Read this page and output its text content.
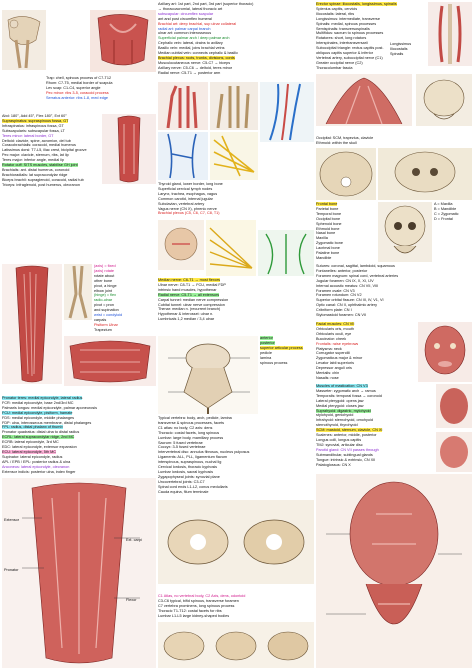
Trap: chell, spinous process of C7-T12
Rhom: C7-T5, medial border of scapula
Lev scap: C1-C4, superior angle
Pec minor: ribs 3-5, coracoid process
Serratus anterior: ribs 1-8, med edge
Abd: 180°, Add 45°, Flex 180°, Ext 60°
Supraspinatus: supraspinous fossa, GT
Infraspinatus: infraspinous fossa, GT
Subscapularis: subscapular fossa, LT
Teres minor: lateral border, GT
Deltoid: clavicle, spine, acromion, del tub
Coracobrachialis: coracoid, medial humerus
Latissimus dorsi: T7-L5, iliac crest, bicipital groove
Pec major: clavicle, sternum, ribs, lat lip
Teres major: inferior angle, medial lip
Rotator cuff: SITS muscles, stabilise GH joint
Brachialis: ant. distal humerus, coronoid
Brachioradialis: lat supracondylar ridge
Biceps brachii: supraglenoid, coracoid, radial tub
Triceps: infraglenoid, post humerus, olecranon
(axis) = fixed
(axis) rotate
rotate about
other bone
pivot, a hinge
elbow joint
(hinge) = flex
radio-ulnar
pivot = pron
and supination
wrist = condyloid
carpals
Pisiform Ulnar
Trapezium
Pronator teres: medial epicondyle, lateral radius
FCR: medial epicondyle, base 2nd/3rd MC
Palmaris longus: medial epicondyle, palmar aponeurosis
FCU: medial epicondyle, pisiform, hamate
FDS: medial epicondyle, middle phalanges
FDP: ulna, interosseous membrane, distal phalanges
FPL: radius, distal phalanx of thumb
Pronator quadratus: distal ulna to distal radius
ECRL: lateral supracondylar ridge, 2nd MC
ECRB: lateral epicondyle, 3rd MC
EDC: lateral epicondyle, extensor expansion
ECU: lateral epicondyle, 5th MC
Supinator: lateral epicondyle, radius
APL / EPB / EPL: posterior radius & ulna
Anconeus: lateral epicondyle, olecranon
Extensor indicis: posterior ulna, index finger
Extensor
Pronator
Ext. carpi
Flexor
Axillary art: 1st part, 2nd part, 3rd part (superior thoracic)
→ thoracoacromial, lateral thoracic art
subscapular: circumflex scapular
ant and post circumflex humeral
Brachial art: deep brachial, sup ulnar collateral
radial art: palmar carpal branch
ulnar art: common interosseous
Superficial palmar arch / deep palmar arch
Cephalic vein: lateral, drains to axillary
Basilic vein: medial, joins brachial veins
Median cubital vein: connects cephalic & basilic
Brachial plexus: roots, trunks, divisions, cords
Musculocutaneous nerve: C5-C7 → biceps
Axillary nerve: C5-C6 → deltoid, teres minor
Radial nerve: C5-T1 → posterior arm
Thyroid gland, lower border, long bone
Superficial cervical lymph nodes
Larynx, trachea, esophagus, vagus
Common carotid, internal jugular
Subclavian, vertebral artery
Vagus nerve (CN X), phrenic nerve
Brachial plexus (C5, C6, C7, C8, T1)
Median nerve: C6-T1 → most flexors
Ulnar nerve: C8-T1 → FCU, medial FDP
intrinsic hand muscles, hypothenar
Radial nerve: C5-T1 → all extensors
Carpal tunnel: median nerve compression
Cubital tunnel: ulnar nerve compression
Thenar: median n. (recurrent branch)
Hypothenar & interossei: ulnar n.
Lumbricals 1,2 median / 3,4 ulnar
anterior
posterior
superior articular process
pedicle
lamina
spinous process
Typical vertebra: body, arch, pedicle, lamina
transverse & spinous processes, facets
C1 atlas: no body, C2 axis: dens
Thoracic: costal facets, long spinous
Lumbar: large body, mamillary process
Sacrum: 5 fused vertebrae
Coccyx: 3-5 fused vertebrae
Intervertebral disc: annulus fibrosus, nucleus pulposus
Ligaments: ALL, PLL, ligamentum flavum
interspinous, supraspinous, nuchal lig
Cervical lordosis, thoracic kyphosis
Lumbar lordosis, sacral kyphosis
Zygapophyseal joints: synovial plane
Uncovertebral joints: C3-C7
Spinal cord ends L1-L2, conus medullaris
Cauda equina, filum terminale
C1 Atlas, no vertebral body, C2 Axis, dens, odontoid
C3-C6 typical, bifid spinous, transverse foramen
C7 vertebra prominens, long spinous process
Thoracic T1-T12: costal facets for ribs
Lumbar L1-L5 large kidney-shaped bodies
Erector spinae: iliocostalis, longissimus, spinalis
Splenius capitis, cervicis
Iliocostalis: lateral, ribs
Longissimus: intermediate, transverse
Spinalis: medial, spinous processes
Semispinalis: transversospinalis
Multifidus: sacrum to spinous processes
Rotatores: short, long rotators
Interspinales, intertransversarii
Suboccipital triangle: rectus capitis post.
obliquus capitis superior & inferior
Vertebral artery, suboccipital nerve (C1)
Greater occipital nerve (C2)
Thoracolumbar fascia
Longissimus
Iliocostalis
Spinalis
Occipital: SCM, trapezius, clavicle
Ethmoid: within the skull
Frontal bone
Parietal bone
Temporal bone
Occipital bone
Sphenoid bone
Ethmoid bone
Nasal bone
Maxilla
Zygomatic bone
Lacrimal bone
Palatine bone
Mandible
A = Maxilla
B = Mandible
C = Zygomatic
D = Frontal
Sutures: coronal, sagittal, lambdoid, squamous
Fontanelles: anterior, posterior
Foramen magnum: spinal cord, vertebral arteries
Jugular foramen: CN IX, X, XI, IJV
Internal acoustic meatus: CN VII, VIII
Foramen ovale: CN V3
Foramen rotundum: CN V2
Superior orbital fissure: CN III, IV, V1, VI
Optic canal: CN II, ophthalmic artery
Cribriform plate: CN I
Stylomastoid foramen: CN VII
Facial muscles: CN VII
Orbicularis oris, mouth
Orbicularis oculi, eye
Buccinator: cheek
Frontalis: raise eyebrows
Platysma: neck
Corrugator supercilii
Zygomaticus major & minor
Levator labii superioris
Depressor anguli oris
Mentalis: chin
Nasalis: nose
Muscles of mastication: CN V3
Masseter: zygomatic arch → ramus
Temporalis: temporal fossa → coronoid
Lateral pterygoid: opens jaw
Medial pterygoid: closes jaw
Suprahyoid: digastric, mylohyoid
stylohyoid, geniohyoid
Infrahyoid: sternohyoid, omohyoid
sternothyroid, thyrohyoid
SCM: mastoid, sternum, clavicle, CN XI
Scalenes: anterior, middle, posterior
Longus colli, longus capitis
TMJ: synovial, articular disc
Parotid gland: CN VII passes through
Submandibular, sublingual glands
Tongue: intrinsic & extrinsic, CN XII
Palatoglossus: CN X
